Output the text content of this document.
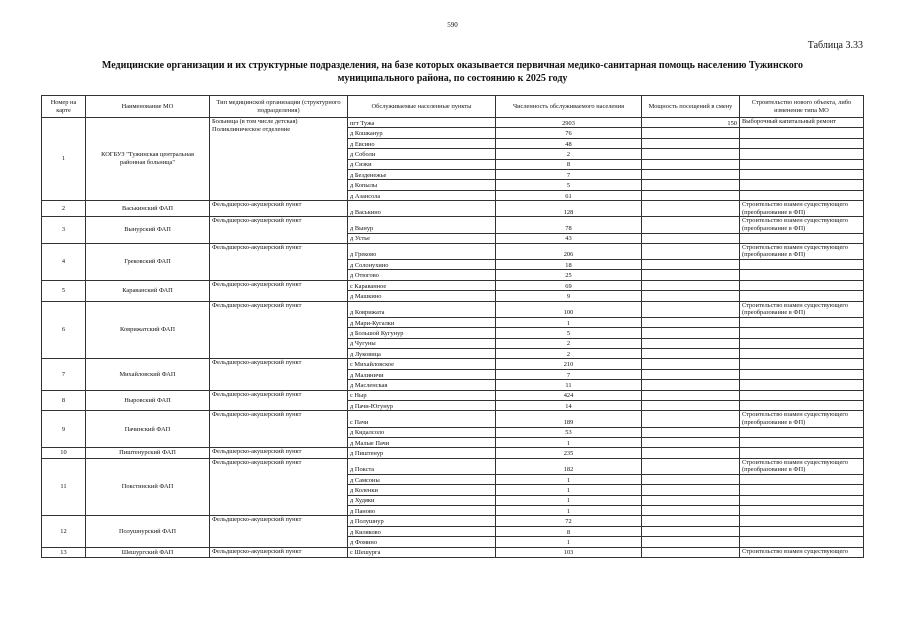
590
Таблица 3.33
Медицинские организации и их структурные подразделения, на базе которых оказывается первичная медико-санитарная помощь населению Тужинского
муниципального района, по состоянию к 2025 году
Номер на карте	Наименование МО	Тип медицинской организации (структурного подразделения)	Обслуживаемые населенные пункты	Численность обслуживаемого населения	Мощность посещений в смену	Строительство нового объекта, либо изменение типа МО
1	КОГБУЗ "Тужинская центральная районная больница"	Больница (в том числе детская) Поликлиническое отделение	пгт Тужа	2903	150	Выборочный капитальный ремонт
			д Кошканур	76		
			д Евсино	48		
			д Соболи	2		
			д Сизки	8		
			д Безденежье	7		
			д Копылы	5		
			д Азансола	61		
2	Васькинский ФАП	Фельдшерско-акушерский пункт	д Васькино	128		Строительство взамен существующего (преобразование в ФП)
3	Вынурский ФАП	Фельдшерско-акушерский пункт	д Вынур	78		Строительство взамен существующего (преобразование в ФП)
			д Устье	43		
4	Грековский ФАП	Фельдшерско-акушерский пункт	д Греково	206		Строительство взамен существующего (преобразование в ФП)
			д Солонухино	18		
			д Отюгово	25		
5	Караванский ФАП	Фельдшерско-акушерский пункт	с Караванное	69		
			д Машкино	9		
6	Коврижатский ФАП	Фельдшерско-акушерский пункт	д Коврижата	100		Строительство взамен существующего (преобразование в ФП)
			д Мари-Кугалки	1		
			д Большой Кугунур	5		
			д Чугуны	2		
			д Луковица	2		
7	Михайловский ФАП	Фельдшерско-акушерский пункт	с Михайловское	210		
			д Малиничи	7		
			д Масленская	11		
8	Ныровский ФАП	Фельдшерско-акушерский пункт	с Ныр	424		
			д Пачи-Югунур	14		
9	Пачинский ФАП	Фельдшерско-акушерский пункт	с Пачи	189		Строительство взамен существующего (преобразование в ФП)
			д Кидалсоло	53		
			д Малые Пачи	1		
10	Пиштенурский ФАП	Фельдшерско-акушерский пункт	д Пиштенур	235		
11	Покстинский ФАП	Фельдшерско-акушерский пункт	д Покста	182		Строительство взамен существующего (преобразование в ФП)
			д Самсоны	1		
			д Коленки	1		
			д Худяки	1		
			д Паново	1		
12	Полушнурский ФАП	Фельдшерско-акушерский пункт	д Полушнур	72		
			д Киляково	8		
			д Фомино	1		
13	Шешургский ФАП	Фельдшерско-акушерский пункт	с Шешурга	103		Строительство взамен существующего
